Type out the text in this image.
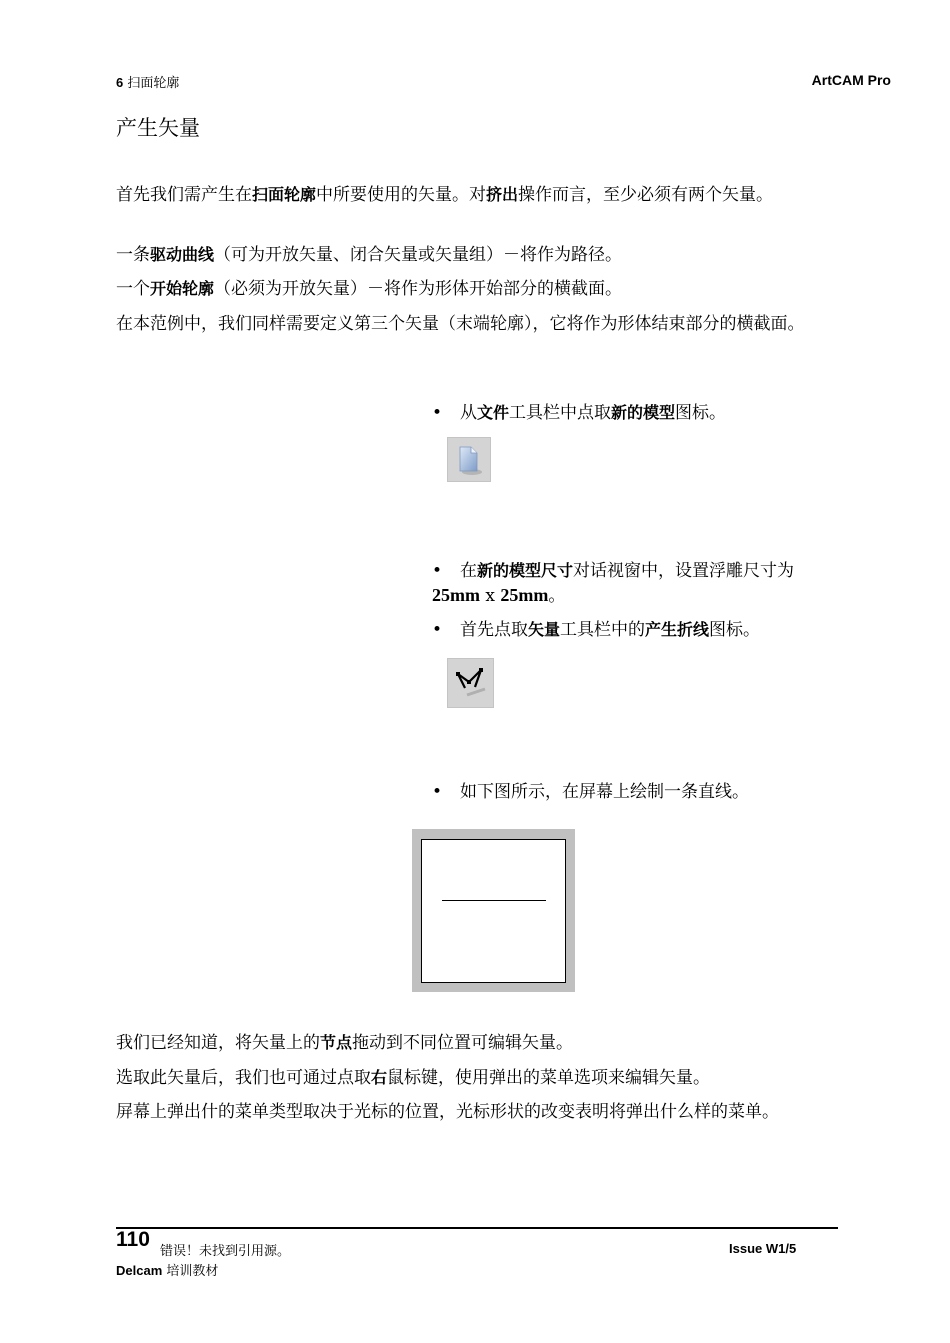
6 扫面轮廓	ArtCAM Pro
产生矢量
首先我们需产生在扫面轮廓中所要使用的矢量。对挤出操作而言，至少必须有两个矢量。
一条驱动曲线（可为开放矢量、闭合矢量或矢量组）－将作为路径。
一个开始轮廓（必须为开放矢量）－将作为形体开始部分的横截面。
在本范例中，我们同样需要定义第三个矢量（末端轮廓），它将作为形体结束部分的横截面。
• 从文件工具栏中点取新的模型图标。
• 在新的模型尺寸对话视窗中，设置浮雕尺寸为 25mm x 25mm。
• 首先点取矢量工具栏中的产生折线图标。
• 如下图所示，在屏幕上绘制一条直线。
我们已经知道，将矢量上的节点拖动到不同位置可编辑矢量。
选取此矢量后，我们也可通过点取右鼠标键，使用弹出的菜单选项来编辑矢量。
屏幕上弹出什的菜单类型取决于光标的位置，光标形状的改变表明将弹出什么样的菜单。
110
错误！未找到引用源。	Issue W1/5
Delcam 培训教材
